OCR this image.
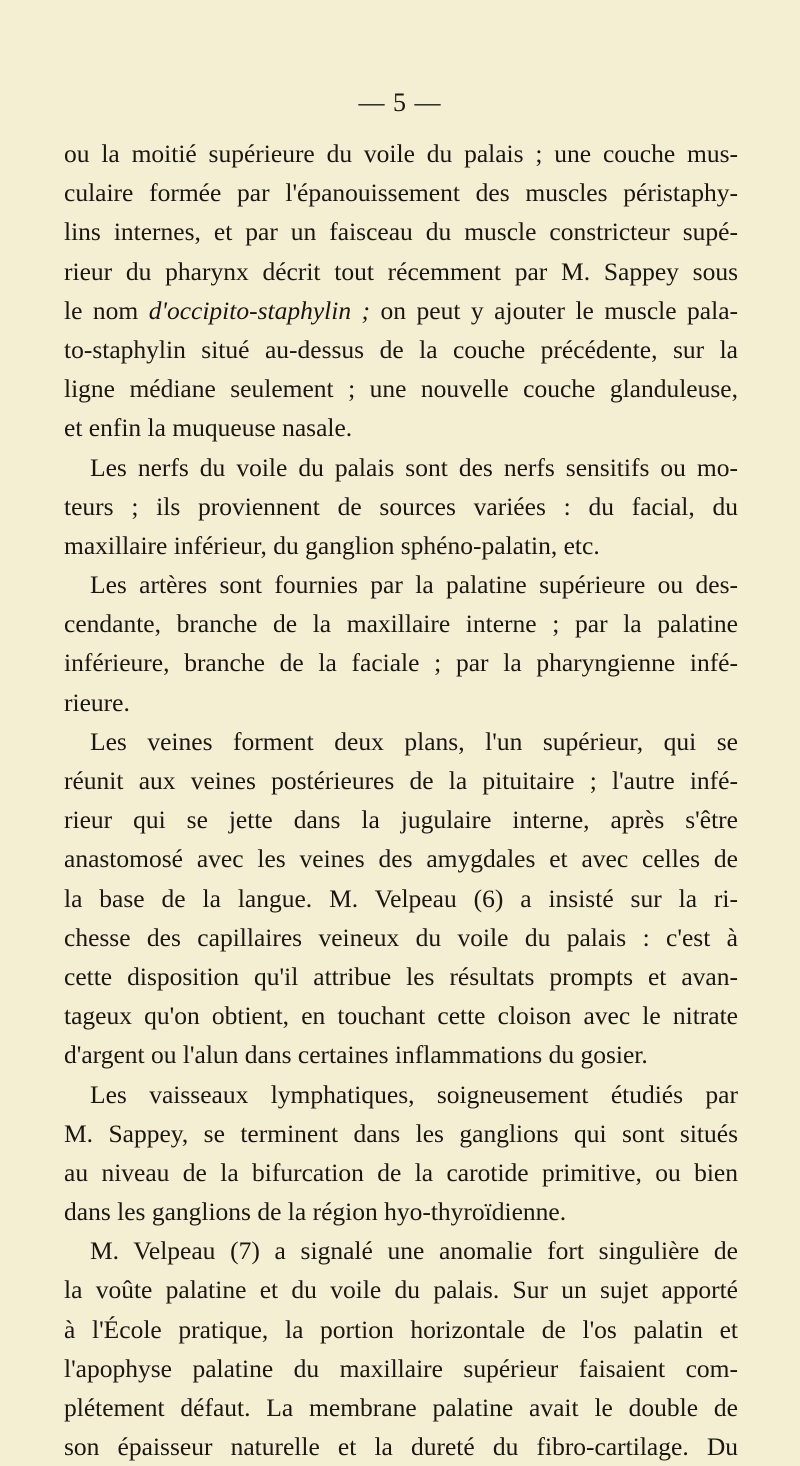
— 5 —
ou la moitié supérieure du voile du palais ; une couche mus-
culaire formée par l'épanouissement des muscles péristaphy-
lins internes, et par un faisceau du muscle constricteur supé-
rieur du pharynx décrit tout récemment par M. Sappey sous
le nom d'occipito-staphylin ; on peut y ajouter le muscle pala-
to-staphylin situé au-dessus de la couche précédente, sur la
ligne médiane seulement ; une nouvelle couche glanduleuse,
et enfin la muqueuse nasale.
Les nerfs du voile du palais sont des nerfs sensitifs ou mo-
teurs ; ils proviennent de sources variées : du facial, du
maxillaire inférieur, du ganglion sphéno-palatin, etc.
Les artères sont fournies par la palatine supérieure ou des-
cendante, branche de la maxillaire interne ; par la palatine
inférieure, branche de la faciale ; par la pharyngienne infé-
rieure.
Les veines forment deux plans, l'un supérieur, qui se
réunit aux veines postérieures de la pituitaire ; l'autre infé-
rieur qui se jette dans la jugulaire interne, après s'être
anastomosé avec les veines des amygdales et avec celles de
la base de la langue. M. Velpeau (6) a insisté sur la ri-
chesse des capillaires veineux du voile du palais : c'est à
cette disposition qu'il attribue les résultats prompts et avan-
tageux qu'on obtient, en touchant cette cloison avec le nitrate
d'argent ou l'alun dans certaines inflammations du gosier.
Les vaisseaux lymphatiques, soigneusement étudiés par
M. Sappey, se terminent dans les ganglions qui sont situés
au niveau de la bifurcation de la carotide primitive, ou bien
dans les ganglions de la région hyo-thyroïdienne.
M. Velpeau (7) a signalé une anomalie fort singulière de
la voûte palatine et du voile du palais. Sur un sujet apporté
à l'École pratique, la portion horizontale de l'os palatin et
l'apophyse palatine du maxillaire supérieur faisaient com-
plétement défaut. La membrane palatine avait le double de
son épaisseur naturelle et la dureté du fibro-cartilage. Du
